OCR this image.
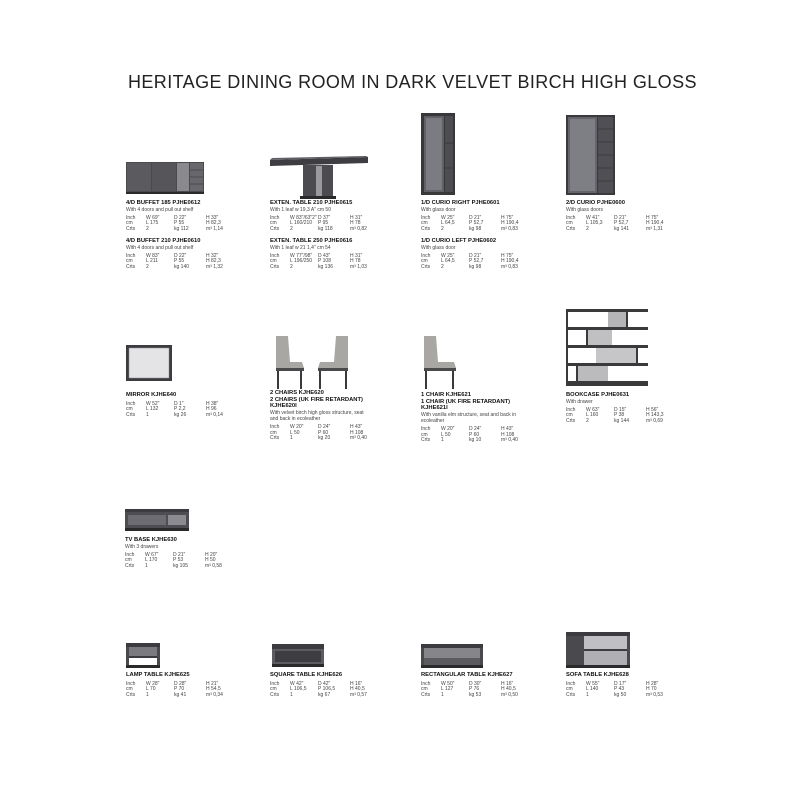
HERITAGE DINING ROOM IN DARK VELVET BIRCH HIGH GLOSS
4/D BUFFET 185 PJHE0612
With 4 doors and pull out shelf
Inch	W 69"	D 22"	H 33"
cm	L 175	P 55	H 82,3
Crts	2	kg 112	m³ 1,14
4/D BUFFET 210 PJHE0610
With 4 doors and pull out shelf
Inch	W 83"	D 22"	H 32"
cm	L 211	P 55	H 82,3
Crts	2	kg 140	m³ 1,32
EXTEN. TABLE 210 PJHE0615
With 1 leaf w 19,3 A" cm 50
Inch	W 83"/63"2" D 37"	H 31"
cm	L 160/210	P 95	H 78
Crts	2	kg 118	m³ 0,82
EXTEN. TABLE 250 PJHE0616
With 1 leaf w 21 1,4" cm 54
Inch	W 77"/98"	D 43"	H 31"
cm	L 196/250	P 108	H 78
Crts	2	kg 136	m³ 1,03
1/D CURIO RIGHT PJHE0601
With glass door
Inch	W 25"	D 21"	H 75"
cm	L 64,5	P 52,7	H 190,4
Crts	2	kg 98	m³ 0,83
1/D CURIO LEFT PJHE0602
With glass door
Inch	W 25"	D 21"	H 75"
cm	L 64,5	P 52,7	H 190,4
Crts	2	kg 98	m³ 0,83
2/D CURIO PJHE0600
With glass doors
Inch	W 41"	D 21"	H 75"
cm	L 105,3	P 52,7	H 190,4
Crts	2	kg 141	m³ 1,31
MIRROR KJHE640
Inch	W 52"	D 1"	H 38"
cm	L 132	P 2,2	H 96
Crts	1	kg 26	m³ 0,14
2 CHAIRS KJHE620
2 CHAIRS (UK FIRE RETARDANT)
KJHE620I
With velvet birch high gloss structure, seat and back in ecoleather
Inch	W 20"	D 24"	H 43"
cm	L 50	P 60	H 108
Crts	1	kg 20	m³ 0,40
1 CHAIR KJHE621
1 CHAIR (UK FIRE RETARDANT)
KJHE621I
With vanilla elm structure, seat and back in ecoleather
Inch	W 20"	D 24"	H 43"
cm	L 50	P 60	H 108
Crts	1	kg 10	m³ 0,40
BOOKCASE PJHE0631
With drawer
Inch	W 63"	D 15"	H 56"
cm	L 160	P 38	H 143,3
Crts	2	kg 144	m³ 0,69
TV BASE KJHE630
With 3 drawers
Inch	W 67"	D 21"	H 20"
cm	L 170	P 53	H 50
Crts	1	kg 105	m³ 0,58
LAMP TABLE KJHE625
Inch	W 28"	D 28"	H 21"
cm	L 70	P 70	H 54,5
Crts	1	kg 41	m³ 0,34
SQUARE TABLE KJHE626
Inch	W 42"	D 42"	H 16"
cm	L 106,5	P 106,5	H 40,5
Crts	1	kg 67	m³ 0,57
RECTANGULAR TABLE KJHE627
Inch	W 50"	D 30"	H 16"
cm	L 127	P 76	H 40,5
Crts	1	kg 53	m³ 0,50
SOFA TABLE KJHE628
Inch	W 55"	D 17"	H 28"
cm	L 140	P 43	H 70
Crts	1	kg 50	m³ 0,53
